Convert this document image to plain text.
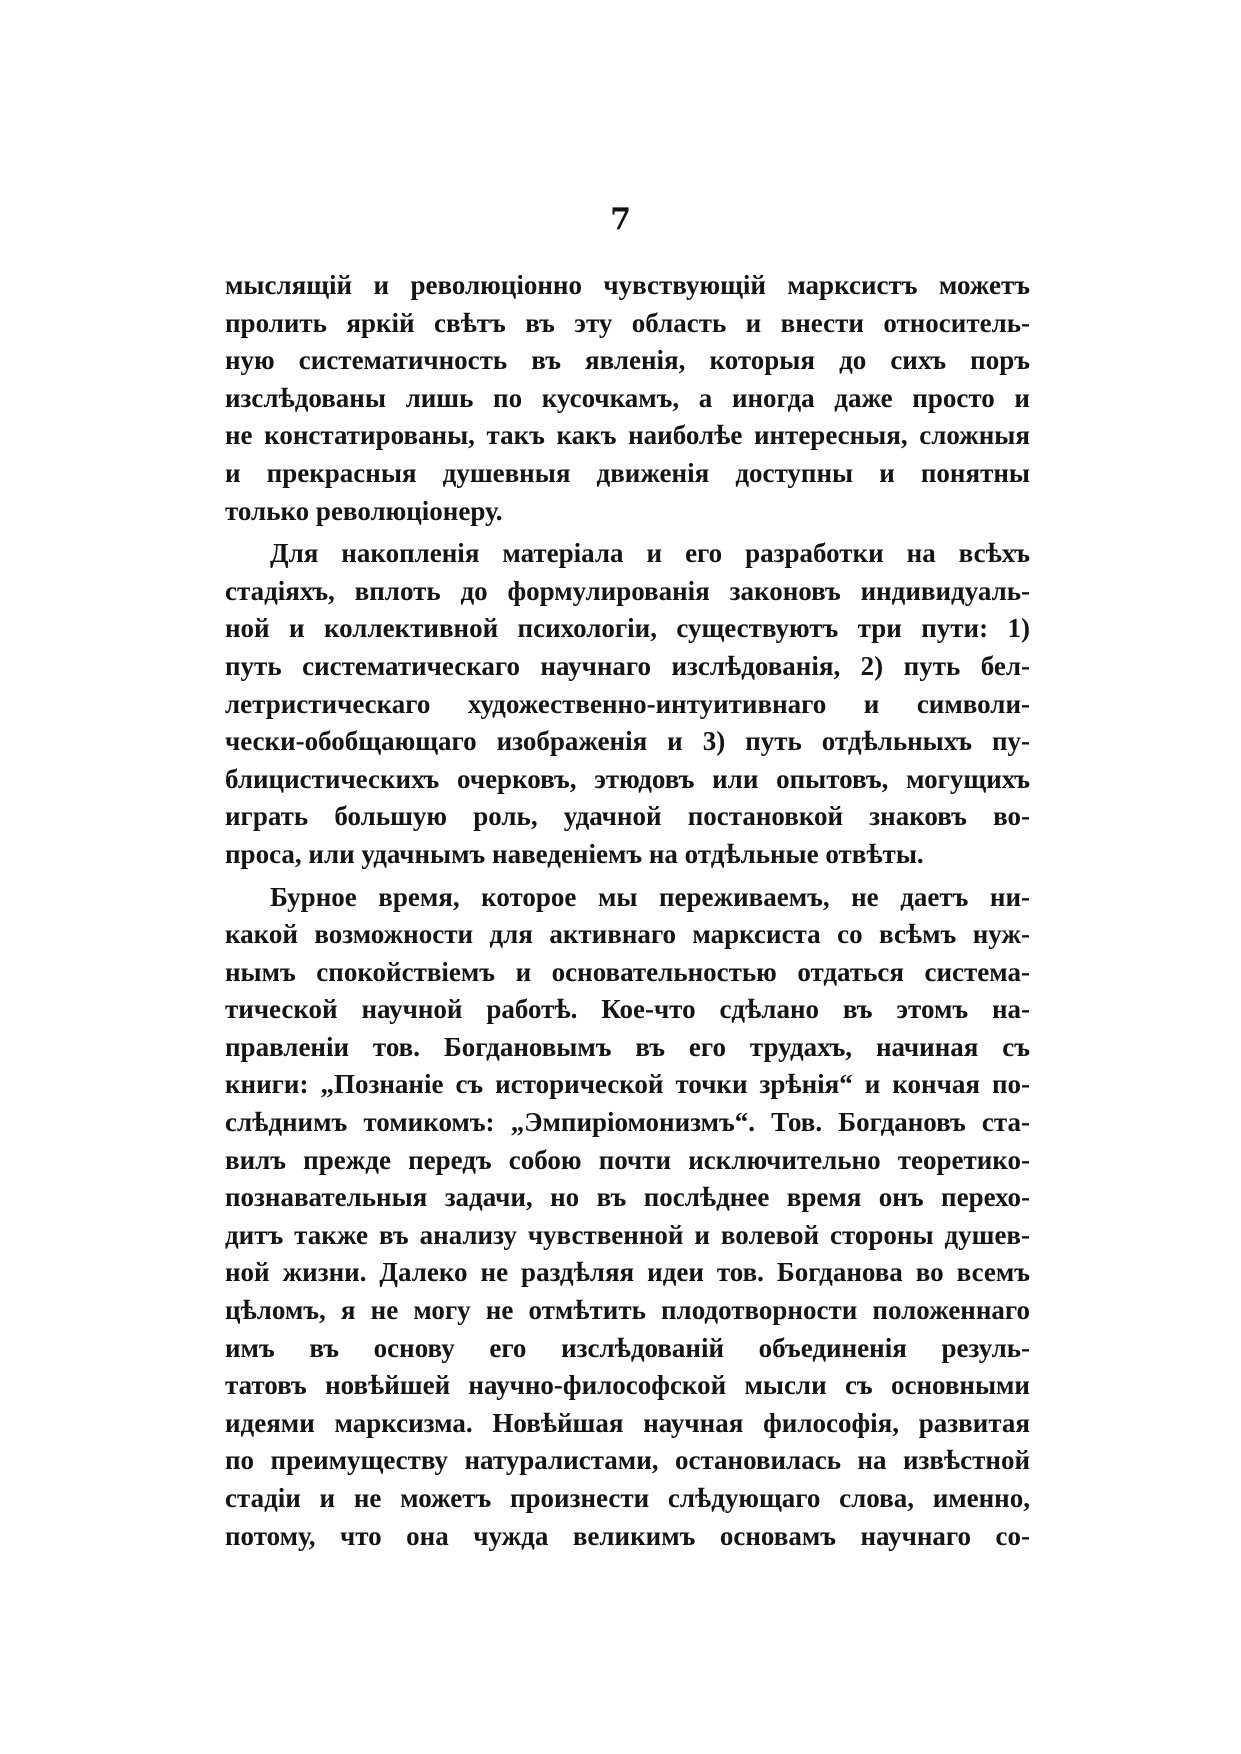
7
мыслящій и революціонно чувствующій марксистъ можетъ
пролить яркій свѣтъ въ эту область и внести относитель-
ную систематичность въ явленія, которыя до сихъ поръ
изслѣдованы лишь по кусочкамъ, а иногда даже просто и
не констатированы, такъ какъ наиболѣе интересныя, сложныя
и прекрасныя душевныя движенія доступны и понятны
только революціонеру.
Для накопленія матеріала и его разработки на всѣхъ
стадіяхъ, вплоть до формулированія законовъ индивидуаль-
ной и коллективной психологіи, существуютъ три пути: 1)
путь систематическаго научнаго изслѣдованія, 2) путь бел-
летристическаго художественно-интуитивнаго и символи-
чески-обобщающаго изображенія и 3) путь отдѣльныхъ пу-
блицистическихъ очерковъ, этюдовъ или опытовъ, могущихъ
играть большую роль, удачной постановкой знаковъ во-
проса, или удачнымъ наведеніемъ на отдѣльные отвѣты.
Бурное время, которое мы переживаемъ, не даетъ ни-
какой возможности для активнаго марксиста со всѣмъ нуж-
нымъ спокойствіемъ и основательностью отдаться система-
тической научной работѣ. Кое-что сдѣлано въ этомъ на-
правленіи тов. Богдановымъ въ его трудахъ, начиная съ
книги: „Познаніе съ исторической точки зрѣнія“ и кончая по-
слѣднимъ томикомъ: „Эмпиріомонизмъ“. Тов. Богдановъ ста-
вилъ прежде передъ собою почти исключительно теоретико-
познавательныя задачи, но въ послѣднее время онъ перехо-
дитъ также въ анализу чувственной и волевой стороны душев-
ной жизни. Далеко не раздѣляя идеи тов. Богданова во всемъ
цѣломъ, я не могу не отмѣтить плодотворности положеннаго
имъ въ основу его изслѣдованій объединенія резуль-
татовъ новѣйшей научно-философской мысли съ основными
идеями марксизма. Новѣйшая научная философія, развитая
по преимуществу натуралистами, остановилась на извѣстной
стадіи и не можетъ произнести слѣдующаго слова, именно,
потому, что она чужда великимъ основамъ научнаго со-
